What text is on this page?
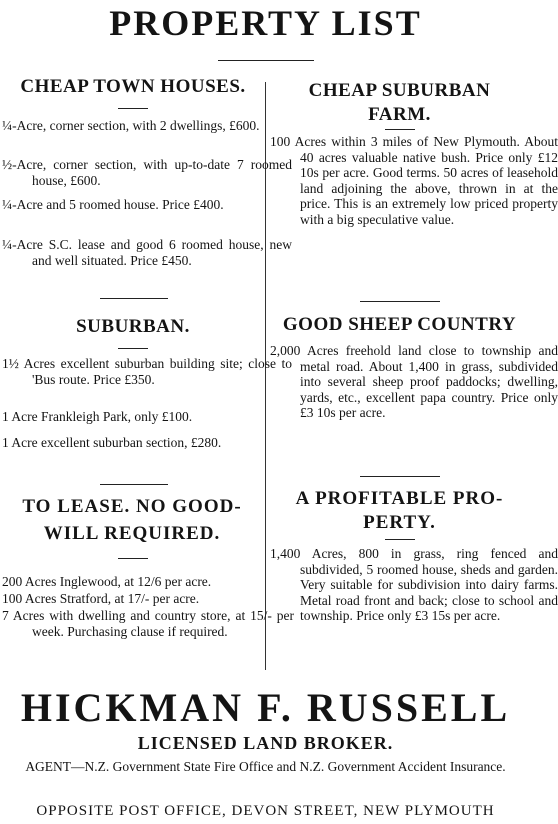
PROPERTY LIST
CHEAP TOWN HOUSES.
¼-Acre, corner section, with 2 dwellings, £600.
½-Acre, corner section, with up-to-date 7 roomed house, £600.
¼-Acre and 5 roomed house. Price £400.
¼-Acre S.C. lease and good 6 roomed house, new and well situated. Price £450.
SUBURBAN.
1½ Acres excellent suburban building site; close to 'Bus route. Price £350.
1 Acre Frankleigh Park, only £100.
1 Acre excellent suburban section, £280.
TO LEASE. NO GOOD-
WILL REQUIRED.
200 Acres Inglewood, at 12/6 per acre.
100 Acres Stratford, at 17/- per acre.
7 Acres with dwelling and country store, at 15/- per week. Purchasing clause if required.
CHEAP SUBURBAN
FARM.
100 Acres within 3 miles of New Plymouth. About 40 acres valuable native bush. Price only £12 10s per acre. Good terms. 50 acres of leasehold land adjoining the above, thrown in at the price. This is an extremely low priced property with a big speculative value.
GOOD SHEEP COUNTRY
2,000 Acres freehold land close to township and metal road. About 1,400 in grass, subdivided into several sheep proof paddocks; dwelling, yards, etc., excellent papa country. Price only £3 10s per acre.
A PROFITABLE PRO-
PERTY.
1,400 Acres, 800 in grass, ring fenced and subdivided, 5 roomed house, sheds and garden. Very suitable for subdivision into dairy farms. Metal road front and back; close to school and township. Price only £3 15s per acre.
HICKMAN F. RUSSELL
LICENSED LAND BROKER.
AGENT—N.Z. Government State Fire Office and N.Z. Government Accident Insurance.
OPPOSITE POST OFFICE, DEVON STREET, NEW PLYMOUTH
